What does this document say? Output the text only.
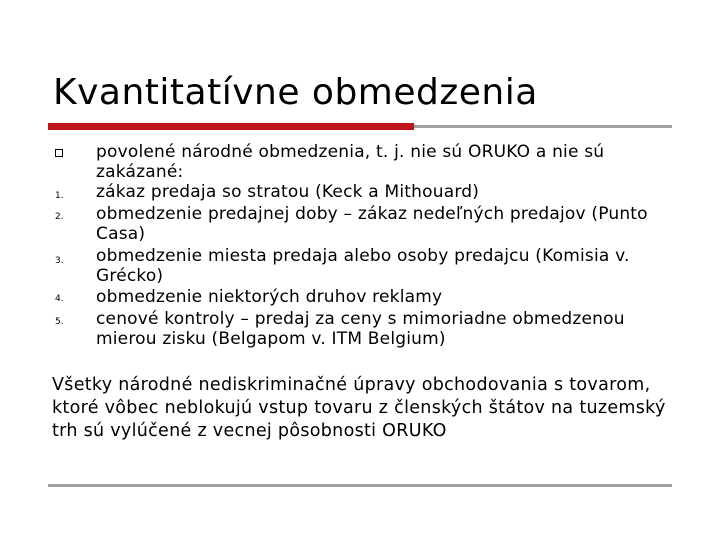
Kvantitatívne obmedzenia
povolené národné obmedzenia, t. j. nie sú ORUKO a nie sú zakázané:
1. zákaz predaja so stratou (Keck a Mithouard)
2. obmedzenie predajnej doby – zákaz nedeľných predajov (Punto Casa)
3. obmedzenie miesta predaja alebo osoby predajcu (Komisia v. Grécko)
4. obmedzenie niektorých druhov reklamy
5. cenové kontroly – predaj za ceny s mimoriadne obmedzenou mierou zisku (Belgapom v. ITM Belgium)
Všetky národné nediskriminačné úpravy obchodovania s tovarom, ktoré vôbec neblokujú vstup tovaru z členských štátov na tuzemský trh sú vylúčené z vecnej pôsobnosti ORUKO
